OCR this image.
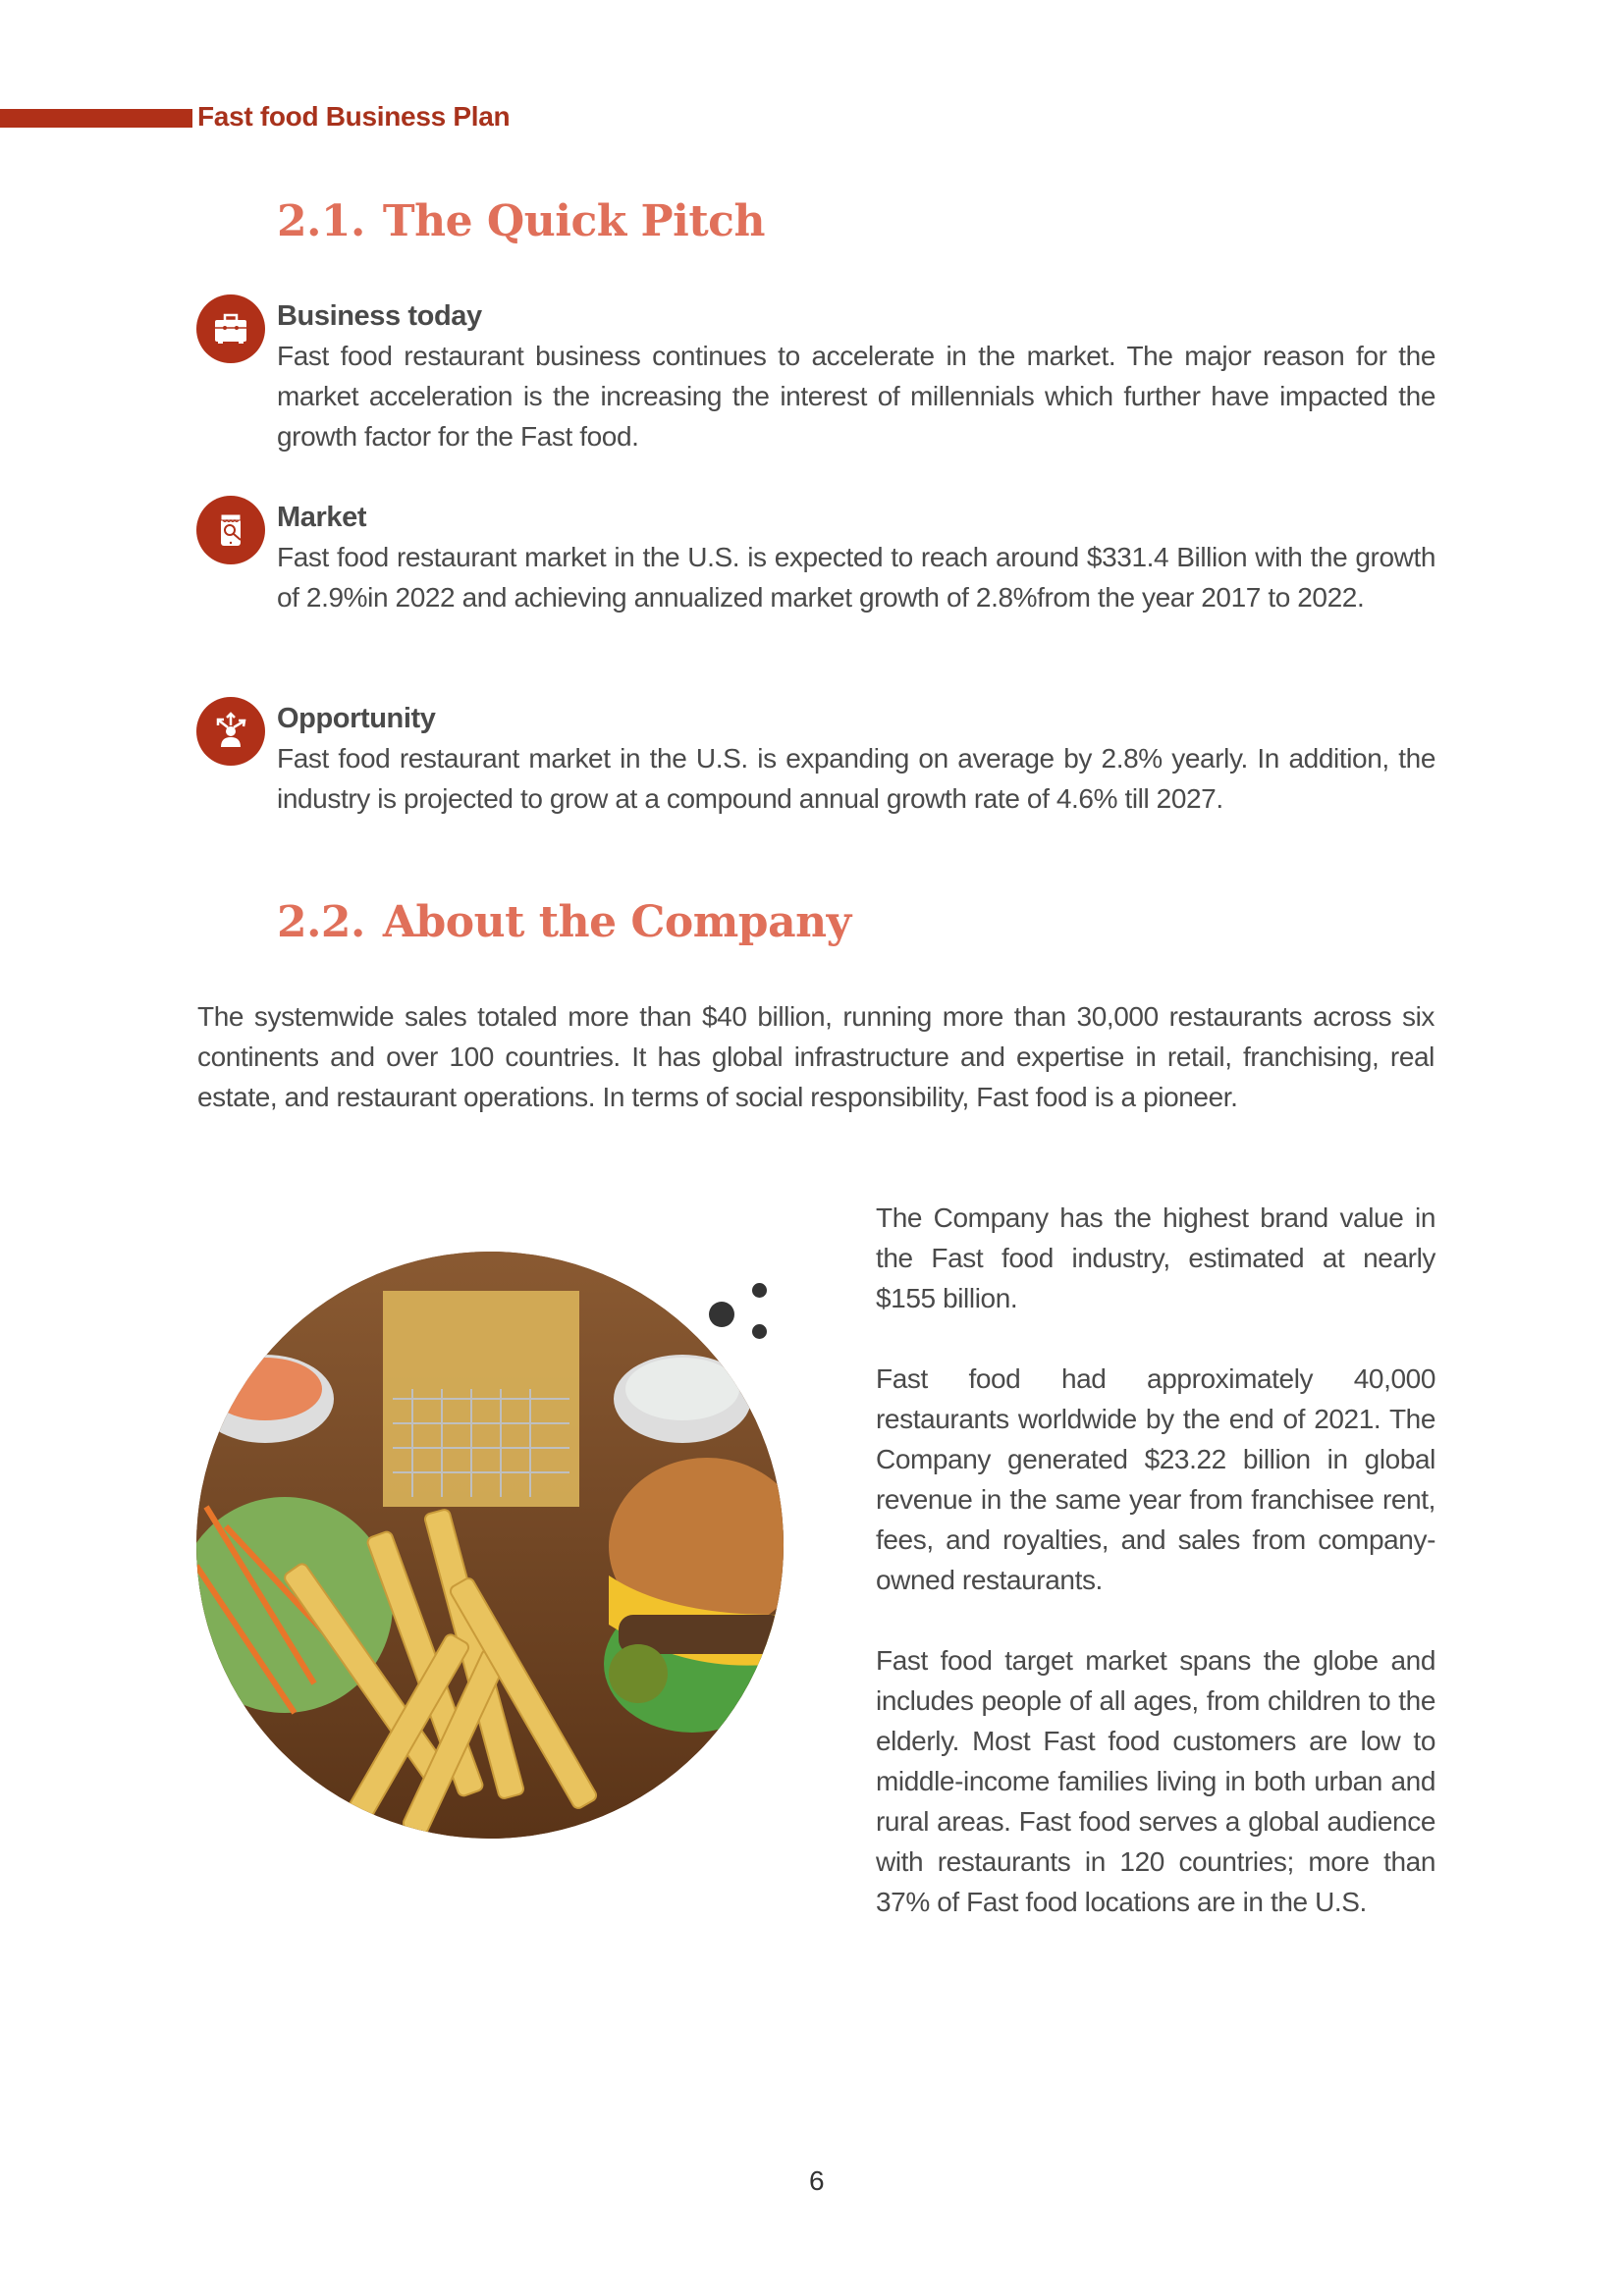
Fast food Business Plan
2.1. The Quick Pitch
Business today
Fast food restaurant business continues to accelerate in the market. The major reason for the market acceleration is the increasing the interest of millennials which further have impacted the growth factor for the Fast food.
Market
Fast food restaurant market in the U.S. is expected to reach around $331.4 Billion with the growth of 2.9%in 2022 and achieving annualized market growth of 2.8%from the year 2017 to 2022.
Opportunity
Fast food restaurant market in the U.S. is expanding on average by 2.8% yearly. In addition, the industry is projected to grow at a compound annual growth rate of 4.6% till 2027.
2.2. About the Company
The systemwide sales totaled more than $40 billion, running more than 30,000 restaurants across six continents and over 100 countries. It has global infrastructure and expertise in retail, franchising, real estate, and restaurant operations. In terms of social responsibility, Fast food is a pioneer.
The Company has the highest brand value in the Fast food industry, estimated at nearly $155 billion.
Fast food had approximately 40,000 restaurants worldwide by the end of 2021. The Company generated $23.22 billion in global revenue in the same year from franchisee rent, fees, and royalties, and sales from company-owned restaurants.
Fast food target market spans the globe and includes people of all ages, from children to the elderly. Most Fast food customers are low to middle-income families living in both urban and rural areas. Fast food serves a global audience with restaurants in 120 countries; more than 37% of Fast food locations are in the U.S.
6
